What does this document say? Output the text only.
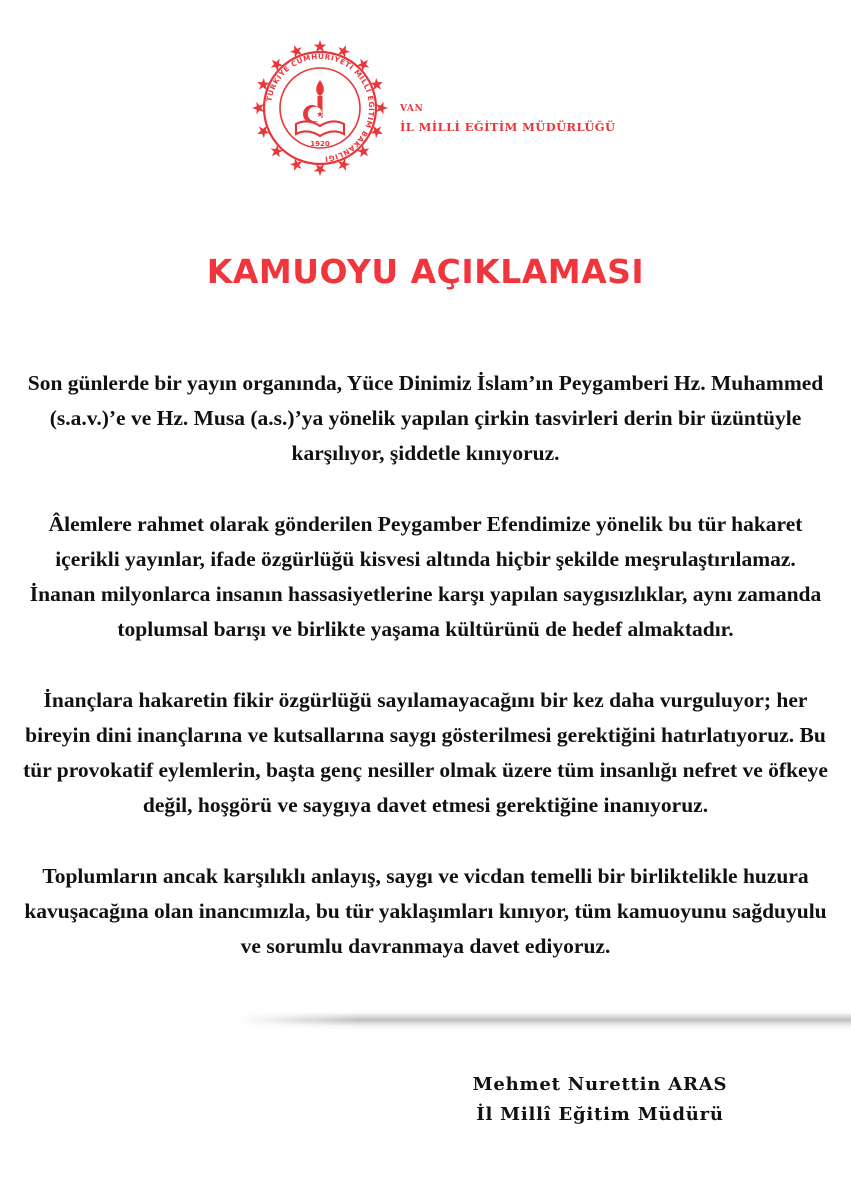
TÜRKİYE CUMHURİYETİ MİLLÎ EĞİTİM BAKANLIĞI
1920
VAN
İL MİLLİ EĞİTİM MÜDÜRLÜĞÜ
KAMUOYU AÇIKLAMASI

Son günlerde bir yayın organında, Yüce Dinimiz İslam’ın Peygamberi Hz. Muhammed (s.a.v.)’e ve Hz. Musa (a.s.)’ya yönelik yapılan çirkin tasvirleri derin bir üzüntüyle karşılıyor, şiddetle kınıyoruz.

Âlemlere rahmet olarak gönderilen Peygamber Efendimize yönelik bu tür hakaret içerikli yayınlar, ifade özgürlüğü kisvesi altında hiçbir şekilde meşrulaştırılamaz. İnanan milyonlarca insanın hassasiyetlerine karşı yapılan saygısızlıklar, aynı zamanda toplumsal barışı ve birlikte yaşama kültürünü de hedef almaktadır.

İnançlara hakaretin fikir özgürlüğü sayılamayacağını bir kez daha vurguluyor; her bireyin dini inançlarına ve kutsallarına saygı gösterilmesi gerektiğini hatırlatıyoruz. Bu tür provokatif eylemlerin, başta genç nesiller olmak üzere tüm insanlığı nefret ve öfkeye değil, hoşgörü ve saygıya davet etmesi gerektiğine inanıyoruz.

Toplumların ancak karşılıklı anlayış, saygı ve vicdan temelli bir birliktelikle huzura kavuşacağına olan inancımızla, bu tür yaklaşımları kınıyor, tüm kamuoyunu sağduyulu ve sorumlu davranmaya davet ediyoruz.

Mehmet Nurettin ARAS
İl Millî Eğitim Müdürü
